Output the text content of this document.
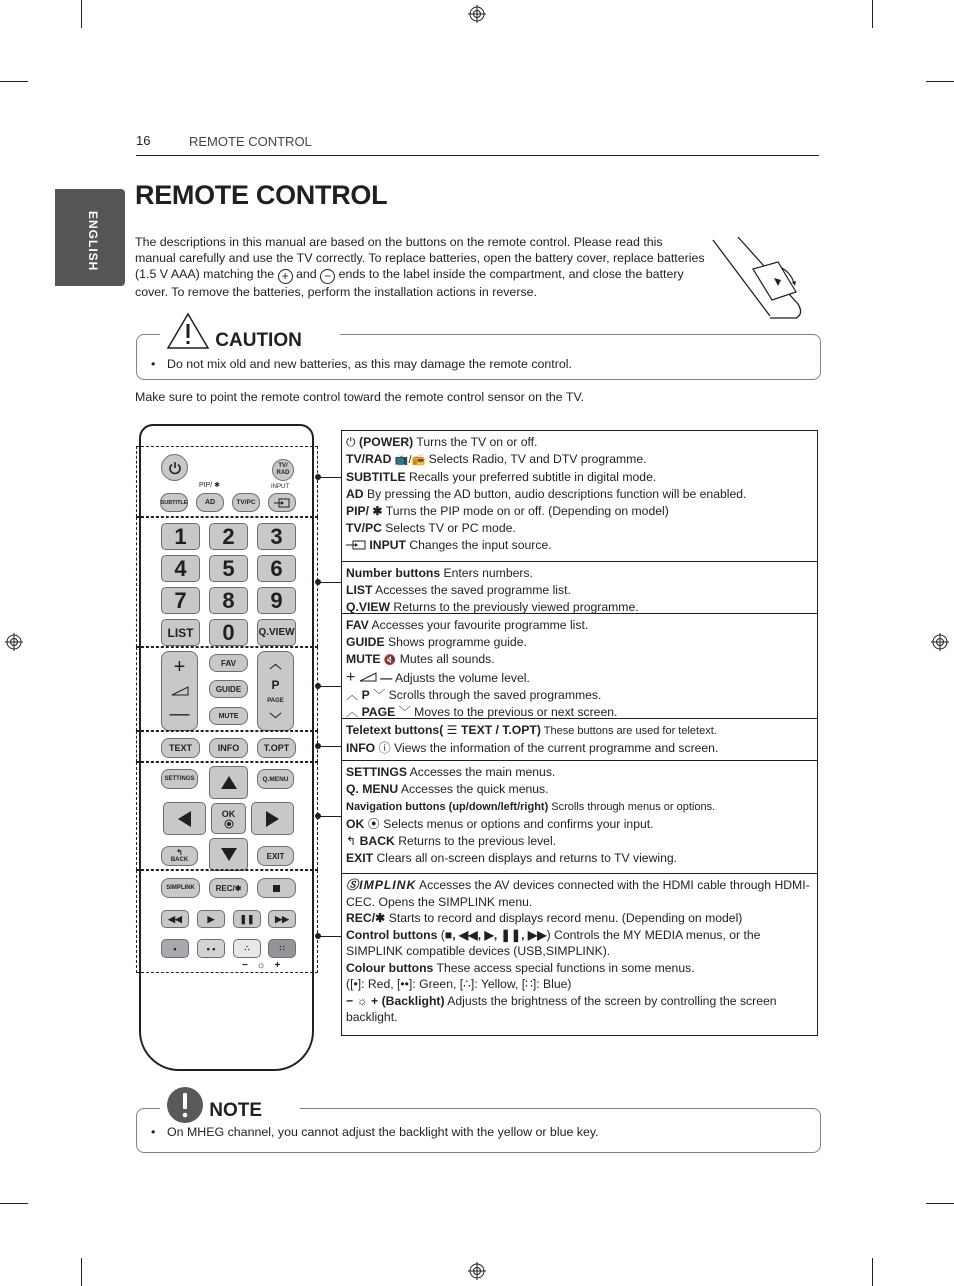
16	REMOTE CONTROL
ENGLISH
REMOTE CONTROL
The descriptions in this manual are based on the buttons on the remote control. Please read this manual carefully and use the TV correctly. To replace batteries, open the battery cover, replace batteries (1.5 V AAA) matching the + and − ends to the label inside the compartment, and close the battery cover. To remove the batteries, perform the installation actions in reverse.
CAUTION
• Do not mix old and new batteries, as this may damage the remote control.
Make sure to point the remote control toward the remote control sensor on the TV.
TV/ RAD
PIP/ ✱	INPUT
SUBTITLE AD	TV/PC
1	2	3
4	5	6
7	8	9
LIST	0	Q.VIEW
+
—
FAV
GUIDE
MUTE
︿
P
PAGE
﹀
TEXT	INFO	T.OPT
SETTINGS	Q.MENU
OK
↰
BACK	EXIT
SIMPLINK	REC/✱
◀◀	▶	❚❚ ▶▶
•	• •	∴	∷
− ☼ +
⏻ (POWER) Turns the TV on or off.
TV/RAD 📺/📻 Selects Radio, TV and DTV programme.
SUBTITLE Recalls your preferred subtitle in digital mode.
AD By pressing the AD button, audio descriptions function will be enabled.
PIP/ ✱ Turns the PIP mode on or off. (Depending on model)
TV/PC Selects TV or PC mode.
INPUT Changes the input source.
Number buttons Enters numbers.
LIST Accesses the saved programme list.
Q.VIEW Returns to the previously viewed programme.
FAV Accesses your favourite programme list.
GUIDE Shows programme guide.
MUTE 🔇 Mutes all sounds.
+ — Adjusts the volume level.
︿ P ﹀ Scrolls through the saved programmes.
︿ PAGE ﹀ Moves to the previous or next screen.
Teletext buttons( ☰ TEXT / T.OPT) These buttons are used for teletext.
INFO ⓘ Views the information of the current programme and screen.
SETTINGS Accesses the main menus.
Q. MENU Accesses the quick menus.
Navigation buttons (up/down/left/right) Scrolls through menus or options.
OK ⦿ Selects menus or options and confirms your input.
↰ BACK Returns to the previous level.
EXIT Clears all on-screen displays and returns to TV viewing.
ⓈIMPLINK Accesses the AV devices connected with the HDMI cable through HDMI-CEC. Opens the SIMPLINK menu.
REC/✱ Starts to record and displays record menu. (Depending on model)
Control buttons (■, ◀◀, ▶, ❚❚, ▶▶) Controls the MY MEDIA menus, or the SIMPLINK compatible devices (USB,SIMPLINK).
Colour buttons These access special functions in some menus.
([•]: Red, [••]: Green, [∴]: Yellow, [∷]: Blue)
− ☼ + (Backlight) Adjusts the brightness of the screen by controlling the screen backlight.
NOTE
• On MHEG channel, you cannot adjust the backlight with the yellow or blue key.
